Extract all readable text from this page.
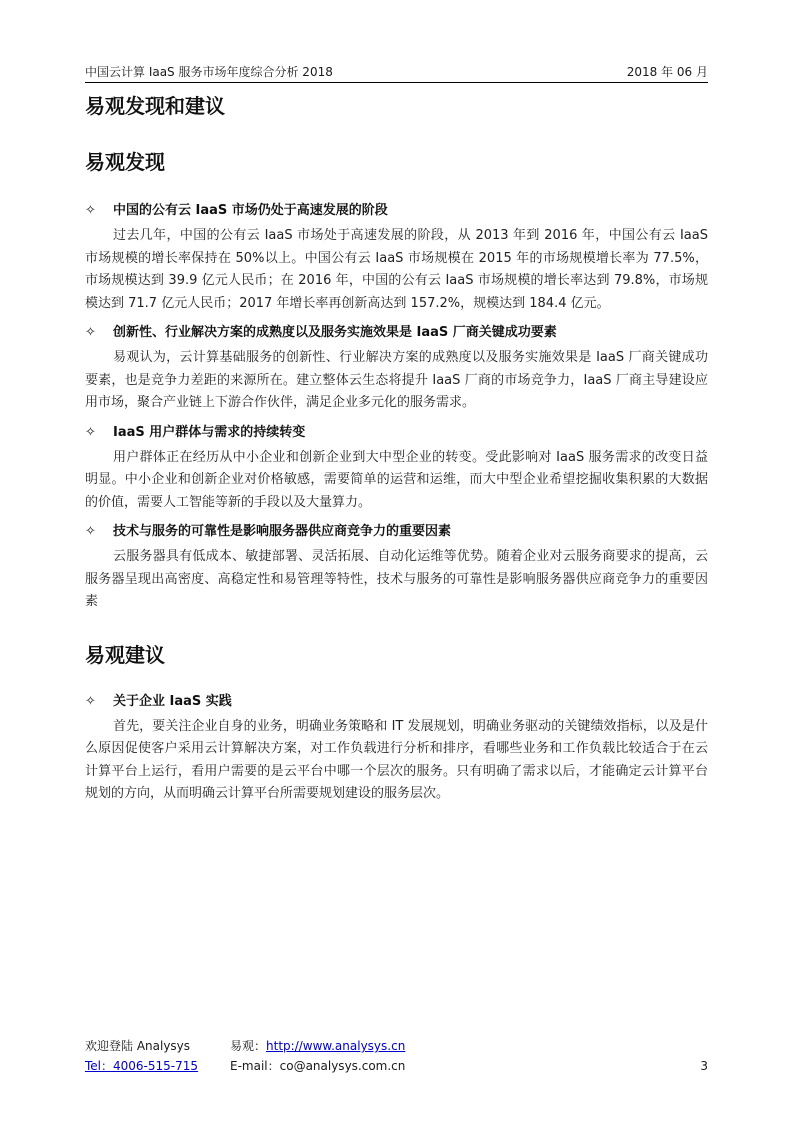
中国云计算 IaaS 服务市场年度综合分析 2018	2018 年 06 月
易观发现和建议
易观发现
✧	中国的公有云 IaaS 市场仍处于高速发展的阶段

过去几年，中国的公有云 IaaS 市场处于高速发展的阶段，从 2013 年到 2016 年，中国公有云 IaaS 市场规模的增长率保持在 50%以上。中国公有云 IaaS 市场规模在 2015 年的市场规模增长率为 77.5%，市场规模达到 39.9 亿元人民币；在 2016 年，中国的公有云 IaaS 市场规模的增长率达到 79.8%，市场规模达到 71.7 亿元人民币；2017 年增长率再创新高达到 157.2%，规模达到 184.4 亿元。

✧	创新性、行业解决方案的成熟度以及服务实施效果是 IaaS 厂商关键成功要素

易观认为，云计算基础服务的创新性、行业解决方案的成熟度以及服务实施效果是 IaaS 厂商关键成功要素，也是竞争力差距的来源所在。建立整体云生态将提升 IaaS 厂商的市场竞争力，IaaS 厂商主导建设应用市场，聚合产业链上下游合作伙伴，满足企业多元化的服务需求。

✧	IaaS 用户群体与需求的持续转变

用户群体正在经历从中小企业和创新企业到大中型企业的转变。受此影响对 IaaS 服务需求的改变日益明显。中小企业和创新企业对价格敏感，需要简单的运营和运维，而大中型企业希望挖掘收集积累的大数据的价值，需要人工智能等新的手段以及大量算力。

✧	技术与服务的可靠性是影响服务器供应商竞争力的重要因素

云服务器具有低成本、敏捷部署、灵活拓展、自动化运维等优势。随着企业对云服务商要求的提高，云服务器呈现出高密度、高稳定性和易管理等特性，技术与服务的可靠性是影响服务器供应商竞争力的重要因素

易观建议
✧	关于企业 IaaS 实践

首先，要关注企业自身的业务，明确业务策略和 IT 发展规划，明确业务驱动的关键绩效指标，以及是什么原因促使客户采用云计算解决方案，对工作负载进行分析和排序，看哪些业务和工作负载比较适合于在云计算平台上运行，看用户需要的是云平台中哪一个层次的服务。只有明确了需求以后，才能确定云计算平台规划的方向，从而明确云计算平台所需要规划建设的服务层次。

欢迎登陆 Analysys
Tel：4006-515-715
易观：http://www.analysys.cn
E-mail：co@analysys.com.cn	3
